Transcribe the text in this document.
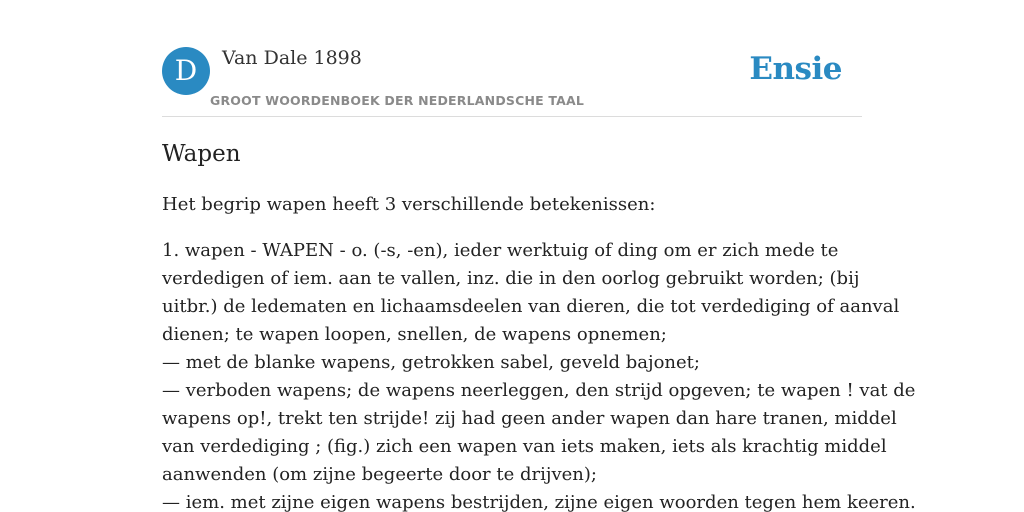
D	Van Dale 1898
GROOT WOORDENBOEK DER NEDERLANDSCHE TAAL
Ensie
Wapen

Het begrip wapen heeft 3 verschillende betekenissen:

1. wapen - WAPEN - o. (-s, -en), ieder werktuig of ding om er zich mede te
verdedigen of iem. aan te vallen, inz. die in den oorlog gebruikt worden; (bij
uitbr.) de ledematen en lichaamsdeelen van dieren, die tot verdediging of aanval
dienen; te wapen loopen, snellen, de wapens opnemen;
— met de blanke wapens, getrokken sabel, geveld bajonet;
— verboden wapens; de wapens neerleggen, den strijd opgeven; te wapen ! vat de
wapens op!, trekt ten strijde! zij had geen ander wapen dan hare tranen, middel
van verdediging ; (fig.) zich een wapen van iets maken, iets als krachtig middel
aanwenden (om zijne begeerte door te drijven);
— iem. met zijne eigen wapens bestrijden, zijne eigen woorden tegen hem keeren.
